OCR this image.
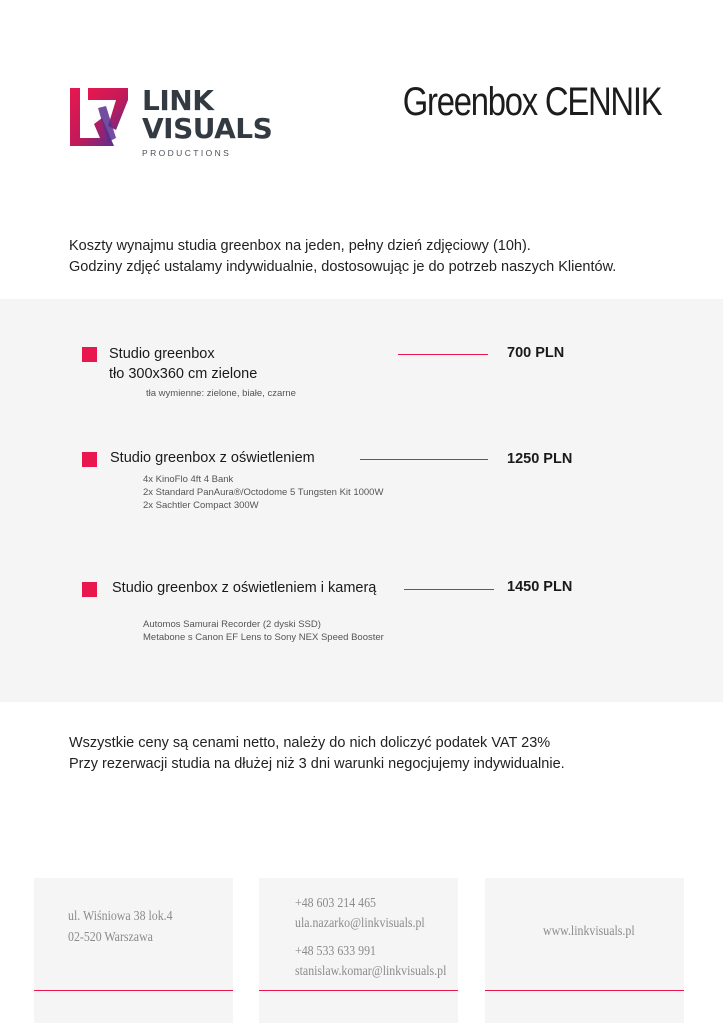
LINK
VISUALS
PRODUCTIONS
Greenbox CENNIK
Koszty wynajmu studia greenbox na jeden, pełny dzień zdjęciowy (10h).
Godziny zdjęć ustalamy indywidualnie, dostosowując je do potrzeb naszych Klientów.
Studio greenbox
tło 300x360 cm zielone
tła wymienne: zielone, białe, czarne
700 PLN
Studio greenbox z oświetleniem
4x KinoFlo 4ft 4 Bank
2x Standard PanAura®/Octodome 5 Tungsten Kit 1000W
2x Sachtler Compact 300W
1250 PLN
Studio greenbox z oświetleniem i kamerą
Automos Samurai Recorder (2 dyski SSD)
Metabone s Canon EF Lens to Sony NEX Speed Booster
1450 PLN
Wszystkie ceny są cenami netto, należy do nich doliczyć podatek VAT 23%
Przy rezerwacji studia na dłużej niż 3 dni warunki negocjujemy indywidualnie.
ul. Wiśniowa 38 lok.4
02-520 Warszawa
+48 603 214 465
ula.nazarko@linkvisuals.pl
+48 533 633 991
stanislaw.komar@linkvisuals.pl
www.linkvisuals.pl
